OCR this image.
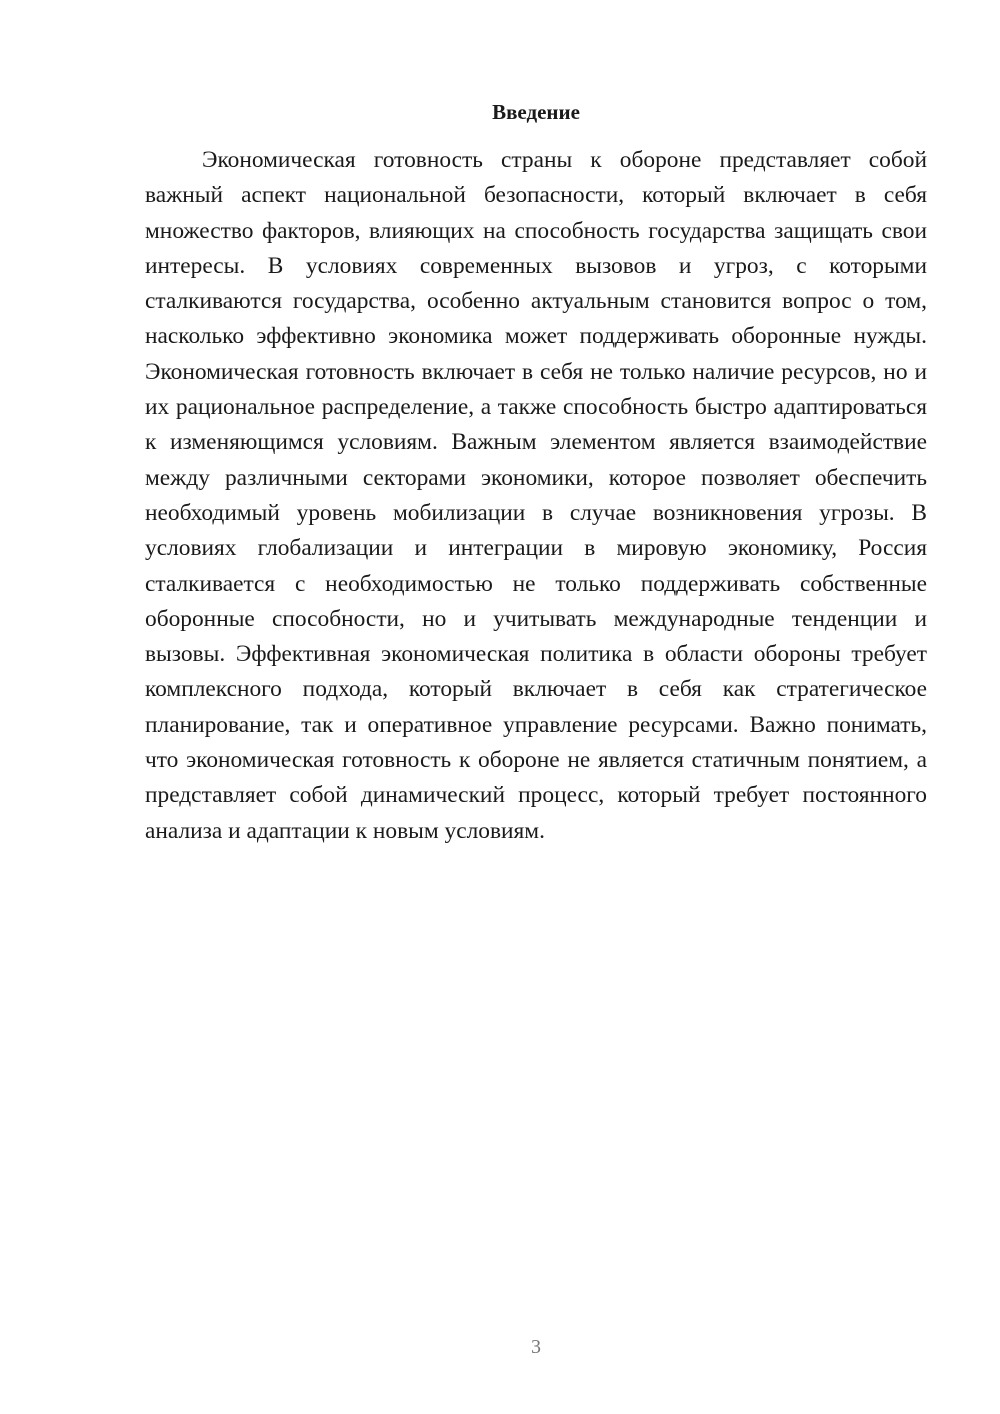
Введение

Экономическая готовность страны к обороне представляет собой важный аспект национальной безопасности, который включает в себя множество факторов, влияющих на способность государства защищать свои интересы. В условиях современных вызовов и угроз, с которыми сталкиваются государства, особенно актуальным становится вопрос о том, насколько эффективно экономика может поддерживать оборонные нужды. Экономическая готовность включает в себя не только наличие ресурсов, но и их рациональное распределение, а также способность быстро адаптироваться к изменяющимся условиям. Важным элементом является взаимодействие между различными секторами экономики, которое позволяет обеспечить необходимый уровень мобилизации в случае возникновения угрозы. В условиях глобализации и интеграции в мировую экономику, Россия сталкивается с необходимостью не только поддерживать собственные оборонные способности, но и учитывать международные тенденции и вызовы. Эффективная экономическая политика в области обороны требует комплексного подхода, который включает в себя как стратегическое планирование, так и оперативное управление ресурсами. Важно понимать, что экономическая готовность к обороне не является статичным понятием, а представляет собой динамический процесс, который требует постоянного анализа и адаптации к новым условиям.

3
